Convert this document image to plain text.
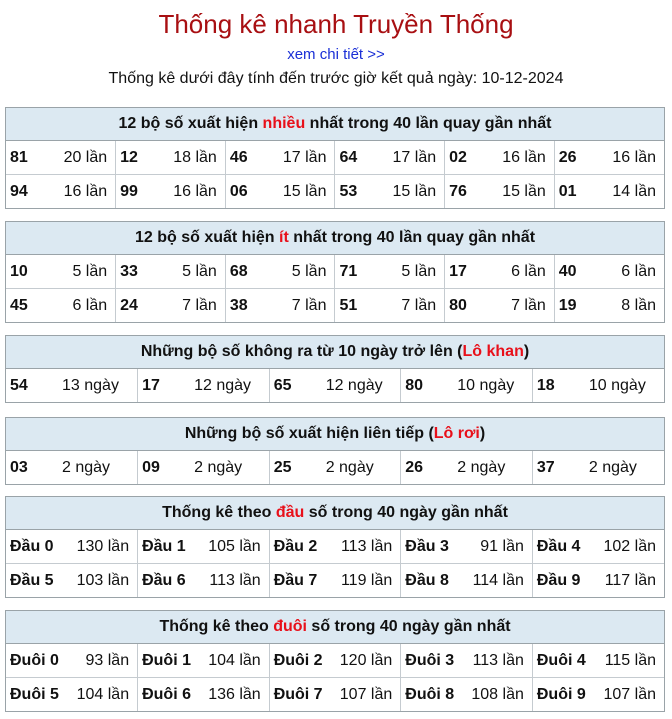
Thống kê nhanh Truyền Thống
xem chi tiết >>
Thống kê dưới đây tính đến trước giờ kết quả ngày: 10-12-2024
12 bộ số xuất hiện nhiều nhất trong 40 lần quay gần nhất
81 20 lần	12 18 lần	46 17 lần	64 17 lần	02 16 lần	26 16 lần

94 16 lần	99 16 lần	06 15 lần	53 15 lần	76 15 lần	01 14 lần
12 bộ số xuất hiện ít nhất trong 40 lần quay gần nhất
10 5 lần	33 5 lần	68 5 lần	71 5 lần	17 6 lần	40 6 lần

45 6 lần	24 7 lần	38 7 lần	51 7 lần	80 7 lần	19 8 lần
Những bộ số không ra từ 10 ngày trở lên (Lô khan)
54	13 ngày	17	12 ngày	65	12 ngày	80	10 ngày	18	10 ngày
Những bộ số xuất hiện liên tiếp (Lô rơi)
03	2 ngày	09	2 ngày	25	2 ngày	26	2 ngày	37	2 ngày
Thống kê theo đầu số trong 40 ngày gần nhất
Đầu 0 130 lần	Đầu 1 105 lần	Đầu 2 113 lần	Đầu 3 91 lần	Đầu 4 102 lần

Đầu 5 103 lần	Đầu 6 113 lần	Đầu 7 119 lần	Đầu 8 114 lần	Đầu 9 117 lần
Thống kê theo đuôi số trong 40 ngày gần nhất
Đuôi 0 93 lần	Đuôi 1 104 lần	Đuôi 2 120 lần	Đuôi 3 113 lần	Đuôi 4 115 lần

Đuôi 5 104 lần	Đuôi 6 136 lần	Đuôi 7 107 lần	Đuôi 8 108 lần	Đuôi 9 107 lần
